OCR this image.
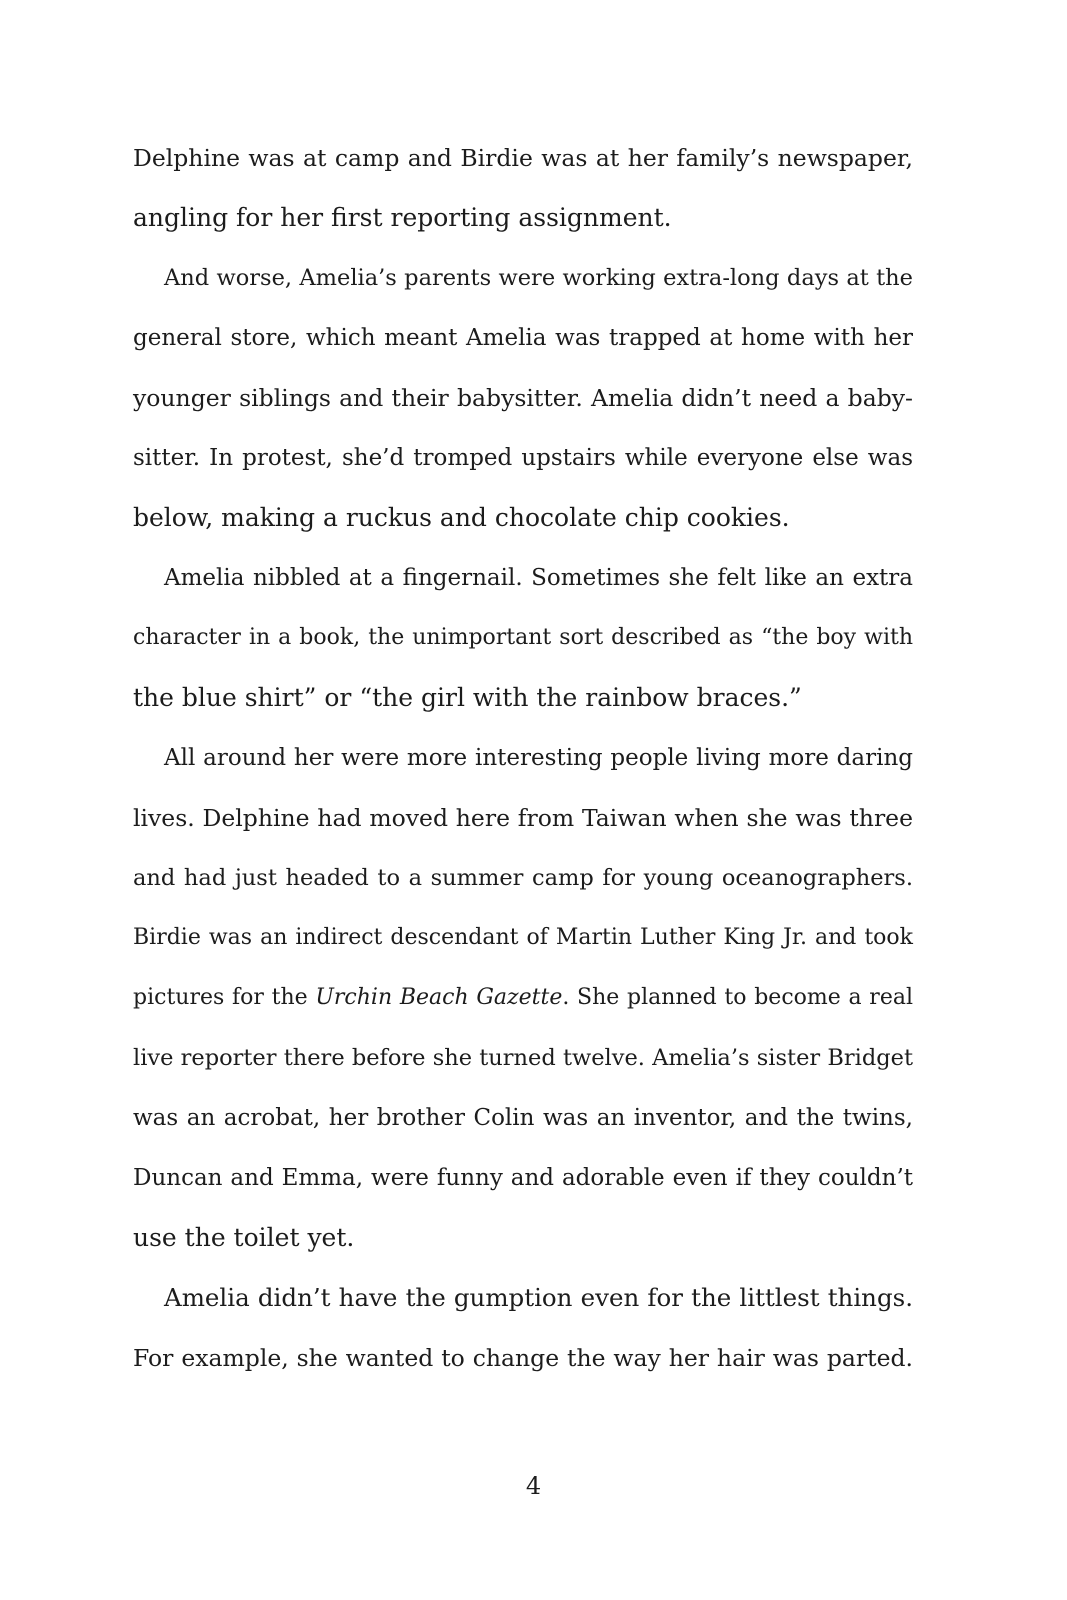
Delphine was at camp and Birdie was at her family’s newspaper,
angling for her first reporting assignment.
And worse, Amelia’s parents were working extra-long days at the
general store, which meant Amelia was trapped at home with her
younger siblings and their babysitter. Amelia didn’t need a baby-
sitter. In protest, she’d tromped upstairs while everyone else was
below, making a ruckus and chocolate chip cookies.
Amelia nibbled at a fingernail. Sometimes she felt like an extra
character in a book, the unimportant sort described as “the boy with
the blue shirt” or “the girl with the rainbow braces.”
All around her were more interesting people living more daring
lives. Delphine had moved here from Taiwan when she was three
and had just headed to a summer camp for young oceanographers.
Birdie was an indirect descendant of Martin Luther King Jr. and took
pictures for the Urchin Beach Gazette. She planned to become a real
live reporter there before she turned twelve. Amelia’s sister Bridget
was an acrobat, her brother Colin was an inventor, and the twins,
Duncan and Emma, were funny and adorable even if they couldn’t
use the toilet yet.
Amelia didn’t have the gumption even for the littlest things.
For example, she wanted to change the way her hair was parted.
4
